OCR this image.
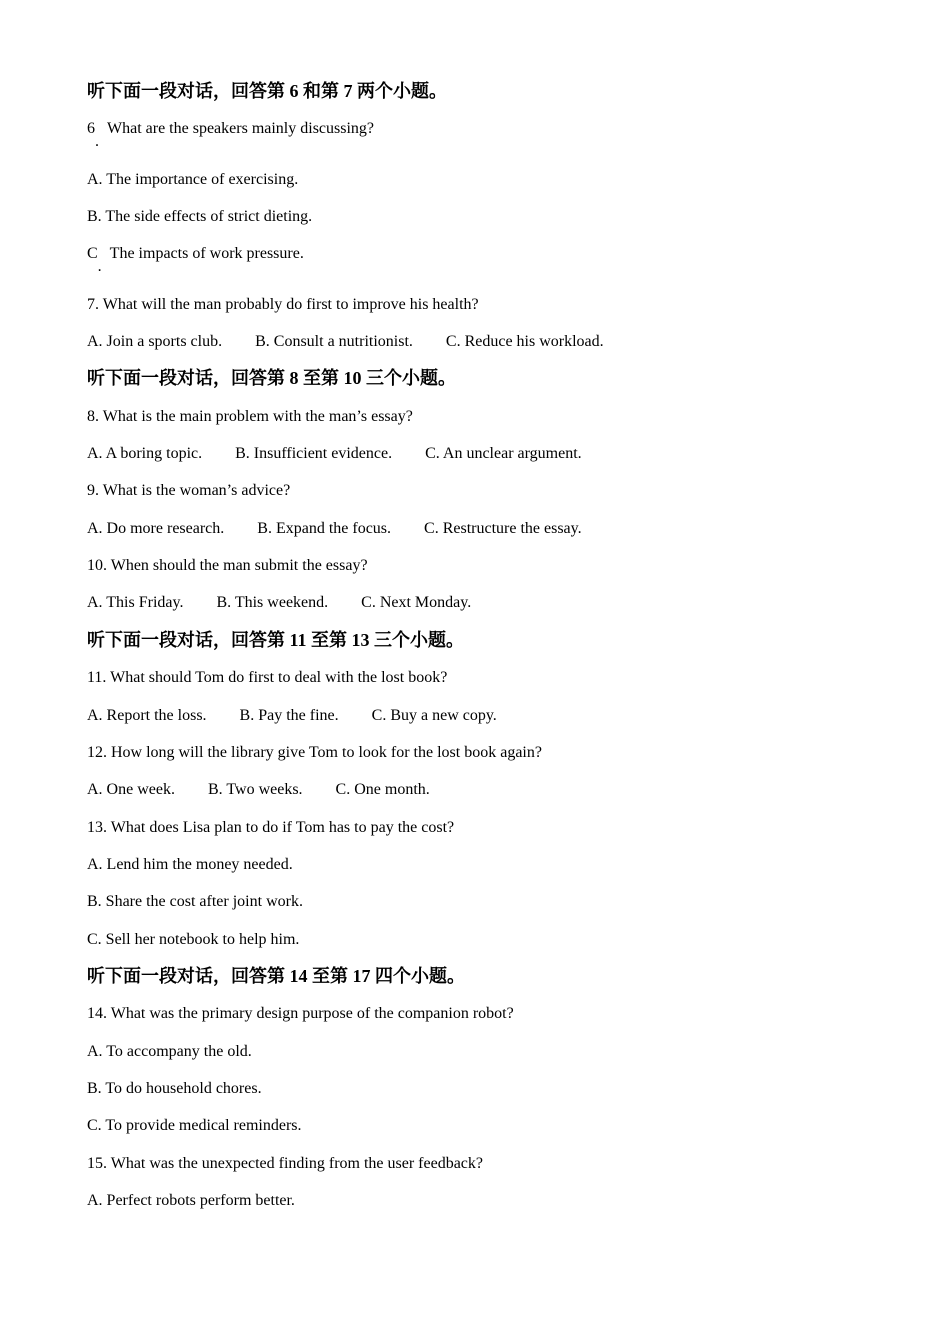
听下面一段对话，回答第 6 和第 7 两个小题。
6.What are the speakers mainly discussing?
A. The importance of exercising.
B. The side effects of strict dieting.
C.The impacts of work pressure.
7. What will the man probably do first to improve his health?
A. Join a sports club. B. Consult a nutritionist. C. Reduce his workload.
听下面一段对话，回答第 8 至第 10 三个小题。
8. What is the main problem with the man’s essay?
A. A boring topic. B. Insufficient evidence. C. An unclear argument.
9. What is the woman’s advice?
A. Do more research. B. Expand the focus. C. Restructure the essay.
10. When should the man submit the essay?
A. This Friday. B. This weekend. C. Next Monday.
听下面一段对话，回答第 11 至第 13 三个小题。
11. What should Tom do first to deal with the lost book?
A. Report the loss. B. Pay the fine. C. Buy a new copy.
12. How long will the library give Tom to look for the lost book again?
A. One week. B. Two weeks. C. One month.
13. What does Lisa plan to do if Tom has to pay the cost?
A. Lend him the money needed.
B. Share the cost after joint work.
C. Sell her notebook to help him.
听下面一段对话，回答第 14 至第 17 四个小题。
14. What was the primary design purpose of the companion robot?
A. To accompany the old.
B. To do household chores.
C. To provide medical reminders.
15. What was the unexpected finding from the user feedback?
A. Perfect robots perform better.
